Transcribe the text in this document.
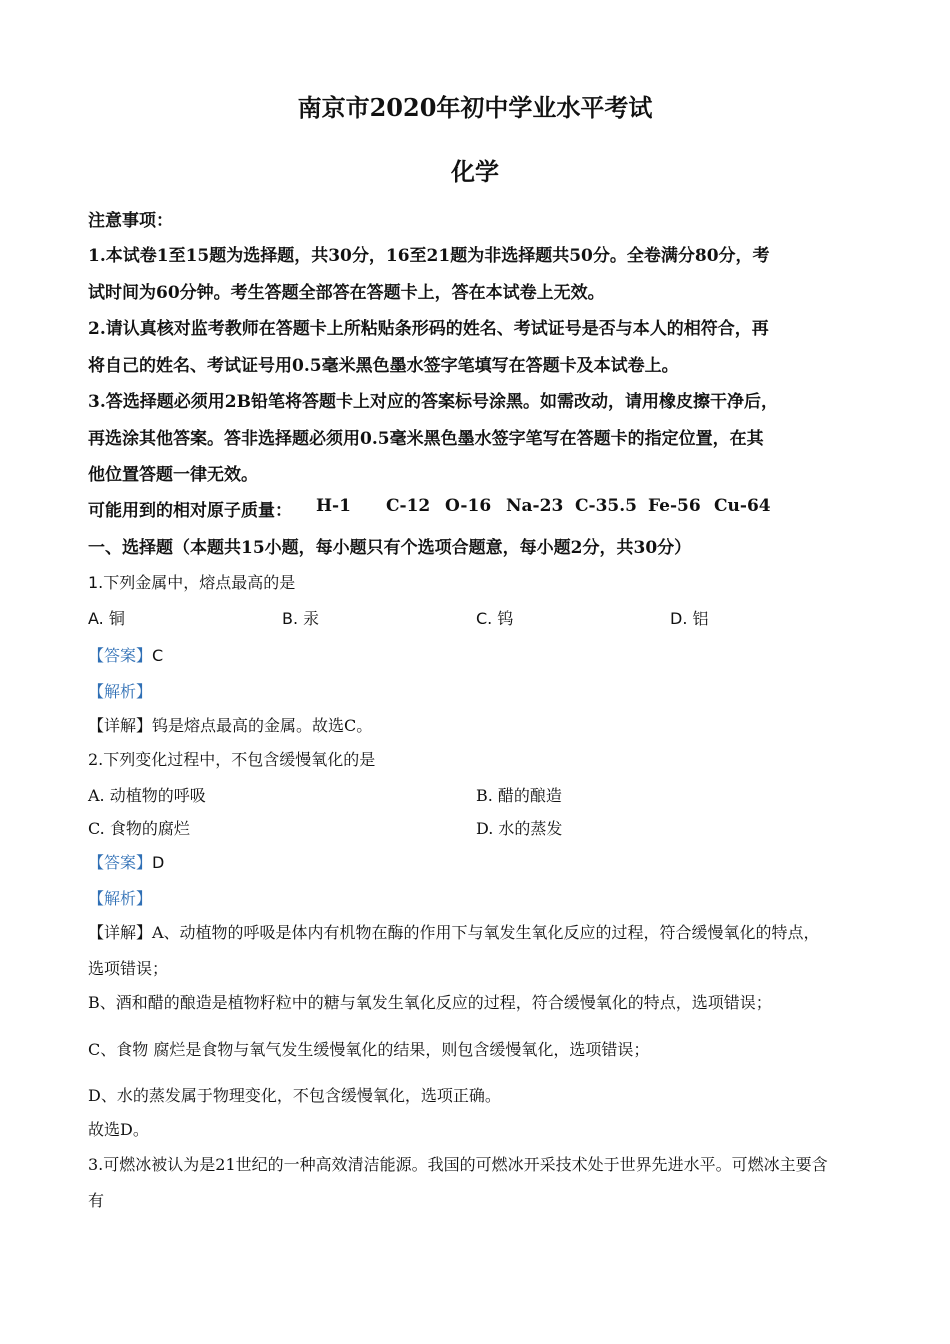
南京市2020年初中学业水平考试
化学
注意事项：
1.本试卷1至15题为选择题，共30分，16至21题为非选择题共50分。全卷满分80分，考
试时间为60分钟。考生答题全部答在答题卡上，答在本试卷上无效。
2.请认真核对监考教师在答题卡上所粘贴条形码的姓名、考试证号是否与本人的相符合，再
将自己的姓名、考试证号用0.5毫米黑色墨水签字笔填写在答题卡及本试卷上。
3.答选择题必须用2B铅笔将答题卡上对应的答案标号涂黑。如需改动，请用橡皮擦干净后，
再选涂其他答案。答非选择题必须用0.5毫米黑色墨水签字笔写在答题卡的指定位置，在其
他位置答题一律无效。
可能用到的相对原子质量： H-1 C-12 O-16 Na-23 C-35.5 Fe-56 Cu-64
一、选择题（本题共15小题，每小题只有个选项合题意，每小题2分，共30分）
1.下列金属中，熔点最高的是
A. 铜	B. 汞	C. 钨	D. 铝
【答案】C
【解析】
【详解】钨是熔点最高的金属。故选C。
2.下列变化过程中，不包含缓慢氧化的是
A. 动植物的呼吸	B. 醋的酿造
C. 食物的腐烂	D. 水的蒸发
【答案】D
【解析】
【详解】A、动植物的呼吸是体内有机物在酶的作用下与氧发生氧化反应的过程，符合缓慢氧化的特点，
选项错误；
B、酒和醋的酿造是植物籽粒中的糖与氧发生氧化反应的过程，符合缓慢氧化的特点，选项错误；
C、食物 腐烂是食物与氧气发生缓慢氧化的结果，则包含缓慢氧化，选项错误；
D、水的蒸发属于物理变化，不包含缓慢氧化，选项正确。
故选D。
3.可燃冰被认为是21世纪的一种高效清洁能源。我国的可燃冰开采技术处于世界先进水平。可燃冰主要含
有
